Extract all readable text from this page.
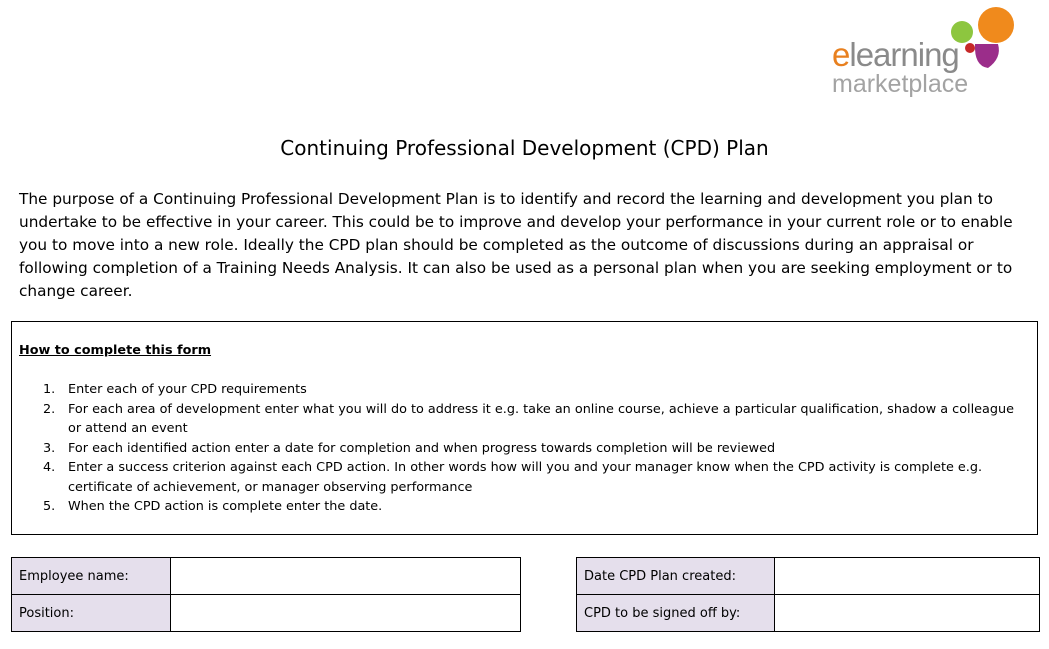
elearning
marketplace
Continuing Professional Development (CPD) Plan

The purpose of a Continuing Professional Development Plan is to identify and record the learning and development you plan to undertake to be effective in your career. This could be to improve and develop your performance in your current role or to enable you to move into a new role. Ideally the CPD plan should be completed as the outcome of discussions during an appraisal or following completion of a Training Needs Analysis. It can also be used as a personal plan when you are seeking employment or to change career.

How to complete this form
1. Enter each of your CPD requirements
2. For each area of development enter what you will do to address it e.g. take an online course, achieve a particular qualification, shadow a colleague or attend an event
3. For each identified action enter a date for completion and when progress towards completion will be reviewed
4. Enter a success criterion against each CPD action. In other words how will you and your manager know when the CPD activity is complete e.g. certificate of achievement, or manager observing performance
5. When the CPD action is complete enter the date.
Employee name:	
Position:	
Date CPD Plan created:	
CPD to be signed off by:	
